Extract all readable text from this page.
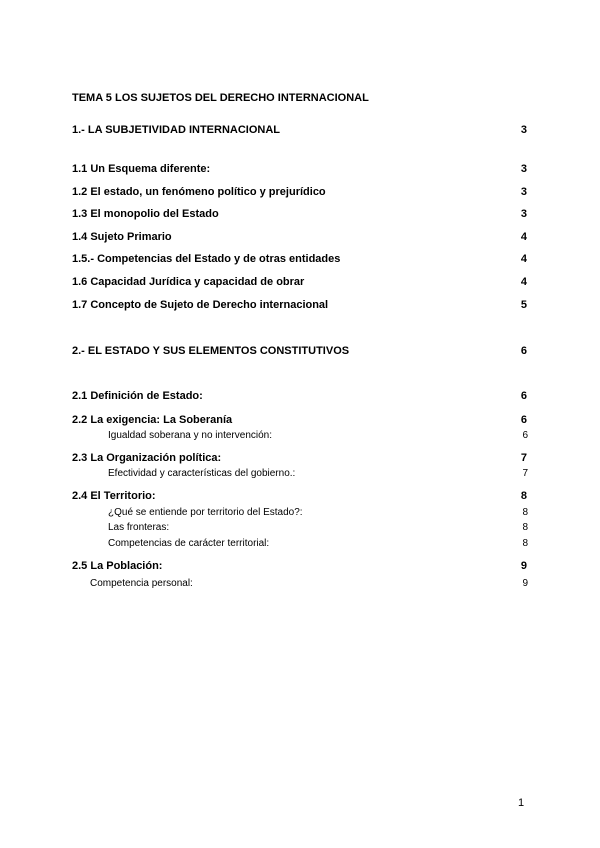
TEMA 5 LOS SUJETOS DEL DERECHO INTERNACIONAL
1.- LA SUBJETIVIDAD INTERNACIONAL	3
1.1 Un Esquema diferente:	3
1.2 El estado, un fenómeno político y prejurídico	3
1.3 El monopolio del Estado	3
1.4 Sujeto Primario	4
1.5.- Competencias del Estado y de otras entidades	4
1.6 Capacidad Jurídica y capacidad de obrar	4
1.7 Concepto de Sujeto de Derecho internacional	5
2.- EL ESTADO Y SUS ELEMENTOS CONSTITUTIVOS	6
2.1 Definición de Estado:	6
2.2 La exigencia: La Soberanía	6
Igualdad soberana y no intervención:	6
2.3 La Organización política:	7
Efectividad y características del gobierno.:	7
2.4 El Territorio:	8
¿Qué se entiende por territorio del Estado?:	8
Las fronteras:	8
Competencias de carácter territorial:	8
2.5 La Población:	9
Competencia personal:	9
1
